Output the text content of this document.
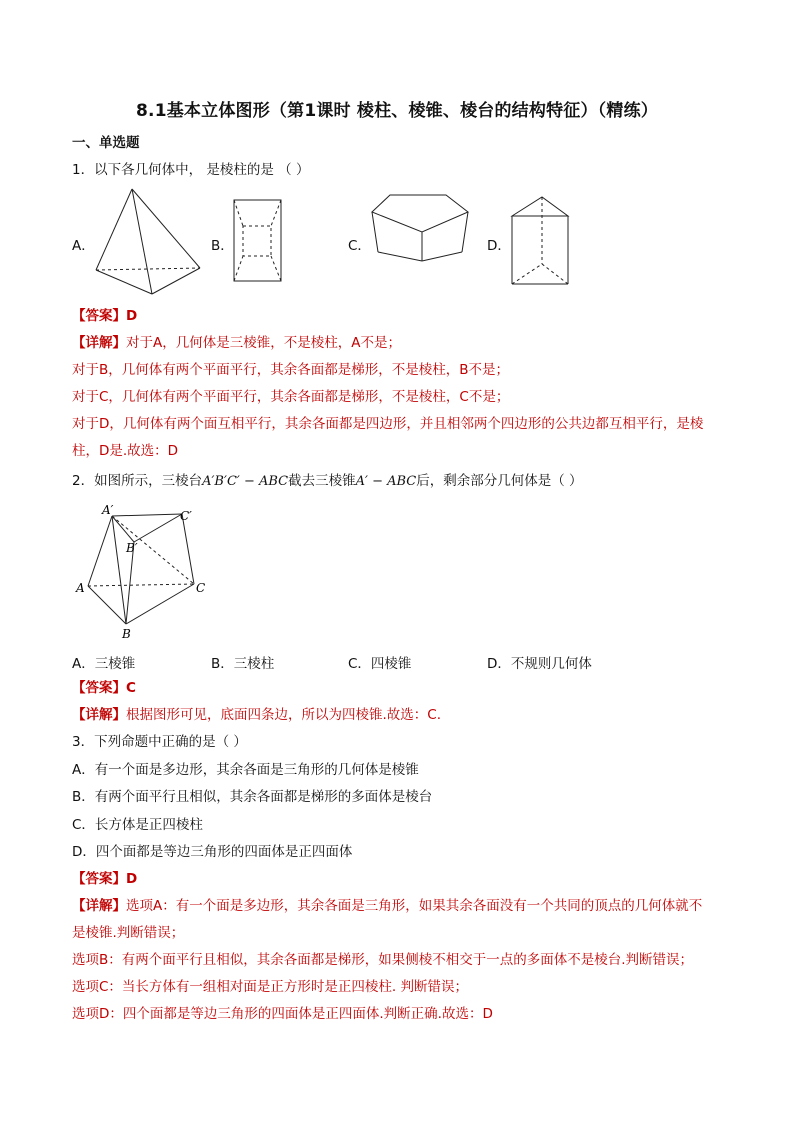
8.1基本立体图形（第1课时 棱柱、棱锥、棱台的结构特征）（精练）
一、单选题
1．以下各几何体中， 是棱柱的是 （ ）
A．	B．	C．	D．
【答案】D
【详解】对于A，几何体是三棱锥，不是棱柱，A不是；
对于B，几何体有两个平面平行，其余各面都是梯形，不是棱柱，B不是；
对于C，几何体有两个平面平行，其余各面都是梯形，不是棱柱，C不是；
对于D，几何体有两个面互相平行，其余各面都是四边形，并且相邻两个四边形的公共边都互相平行，是棱
柱，D是.故选：D
2．如图所示，三棱台A′B′C′ − ABC截去三棱锥A′ − ABC后，剩余部分几何体是（ ）
A′	C′
B′
A	C
B
A．三棱锥	B．三棱柱	C．四棱锥	D．不规则几何体
【答案】C
【详解】根据图形可见，底面四条边，所以为四棱锥.故选：C.
3．下列命题中正确的是（ ）
A．有一个面是多边形，其余各面是三角形的几何体是棱锥
B．有两个面平行且相似，其余各面都是梯形的多面体是棱台
C．长方体是正四棱柱
D．四个面都是等边三角形的四面体是正四面体
【答案】D
【详解】选项A：有一个面是多边形，其余各面是三角形，如果其余各面没有一个共同的顶点的几何体就不
是棱锥.判断错误；
选项B：有两个面平行且相似，其余各面都是梯形，如果侧棱不相交于一点的多面体不是棱台.判断错误；
选项C：当长方体有一组相对面是正方形时是正四棱柱. 判断错误；
选项D：四个面都是等边三角形的四面体是正四面体.判断正确.故选：D
